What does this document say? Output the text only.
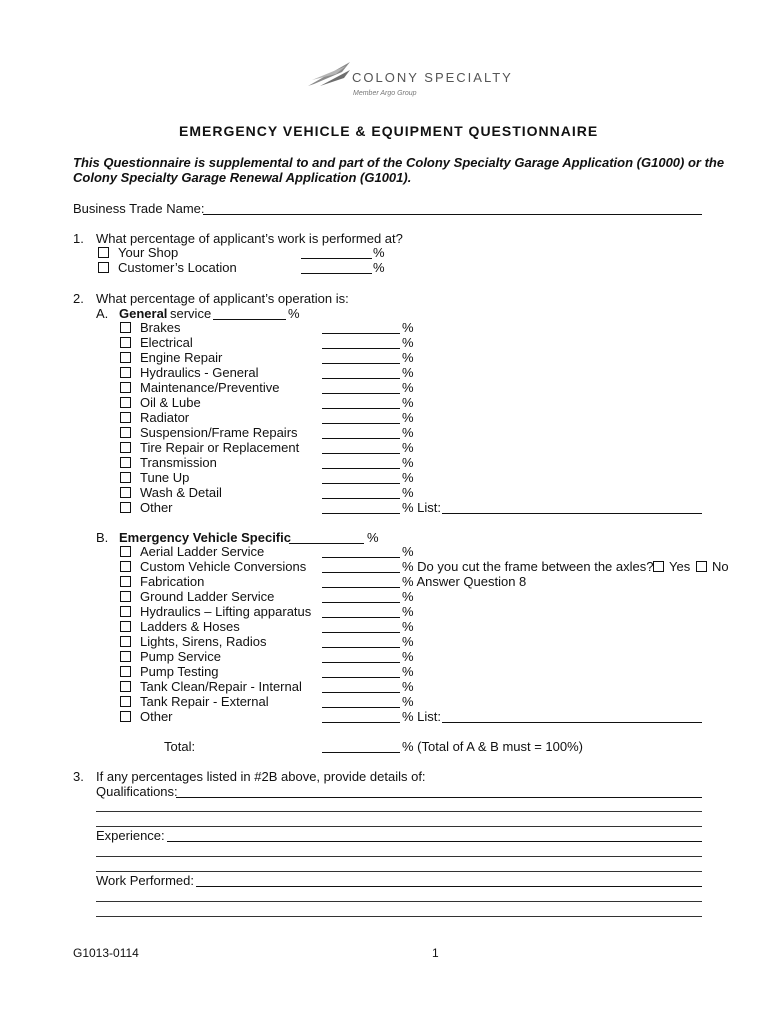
COLONY SPECIALTY
Member Argo Group
EMERGENCY VEHICLE & EQUIPMENT QUESTIONNAIRE
This Questionnaire is supplemental to and part of the Colony Specialty Garage Application (G1000) or the
Colony Specialty Garage Renewal Application (G1001).
Business Trade Name:
1. What percentage of applicant’s work is performed at?
Your Shop	%
Customer’s Location	%
2. What percentage of applicant’s operation is:
A. General service	%
Brakes	%
Electrical	%
Engine Repair	%
Hydraulics - General	%
Maintenance/Preventive	%
Oil & Lube	%
Radiator	%
Suspension/Frame Repairs	%
Tire Repair or Replacement	%
Transmission	%
Tune Up	%
Wash & Detail	%
Other	% List:
B. Emergency Vehicle Specific	%
Aerial Ladder Service	%
Custom Vehicle Conversions	% Do you cut the frame between the axles? Yes No
Fabrication	% Answer Question 8
Ground Ladder Service	%
Hydraulics – Lifting apparatus	%
Ladders & Hoses	%
Lights, Sirens, Radios	%
Pump Service	%
Pump Testing	%
Tank Clean/Repair - Internal	%
Tank Repair - External	%
Other	% List:
Total:	% (Total of A & B must = 100%)
3. If any percentages listed in #2B above, provide details of:
Qualifications:
Experience:
Work Performed:
G1013-0114	1
